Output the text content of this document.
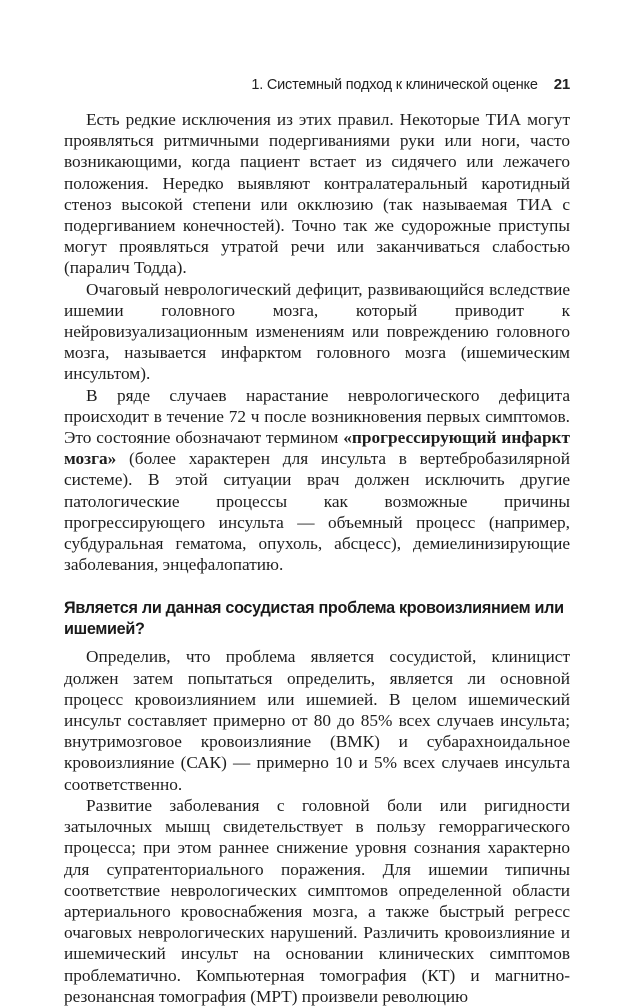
1. Системный подход к клинической оценке 21

Есть редкие исключения из этих правил. Некоторые ТИА могут проявляться ритмичными подергиваниями руки или ноги, часто возникающими, когда пациент встает из сидячего или лежачего положения. Нередко выявляют контралатеральный каротидный стеноз высокой степени или окклюзию (так называемая ТИА с подергиванием конечностей). Точно так же судорожные приступы могут проявляться утратой речи или заканчиваться слабостью (паралич Тодда).

Очаговый неврологический дефицит, развивающийся вследствие ишемии головного мозга, который приводит к нейровизуализационным изменениям или повреждению головного мозга, называется инфарктом головного мозга (ишемическим инсультом).

В ряде случаев нарастание неврологического дефицита происходит в течение 72 ч после возникновения первых симптомов. Это состояние обозначают термином «прогрессирующий инфаркт мозга» (более характерен для инсульта в вертебробазилярной системе). В этой ситуации врач должен исключить другие патологические процессы как возможные причины прогрессирующего инсульта — объемный процесс (например, субдуральная гематома, опухоль, абсцесс), демиелинизирующие заболевания, энцефалопатию.

Является ли данная сосудистая проблема кровоизлиянием или ишемией?

Определив, что проблема является сосудистой, клиницист должен затем попытаться определить, является ли основной процесс кровоизлиянием или ишемией. В целом ишемический инсульт составляет примерно от 80 до 85% всех случаев инсульта; внутримозговое кровоизлияние (ВМК) и субарахноидальное кровоизлияние (САК) — примерно 10 и 5% всех случаев инсульта соответственно.

Развитие заболевания с головной боли или ригидности затылочных мышц свидетельствует в пользу геморрагического процесса; при этом раннее снижение уровня сознания характерно для супратенториального поражения. Для ишемии типичны соответствие неврологических симптомов определенной области артериального кровоснабжения мозга, а также быстрый регресс очаговых неврологических нарушений. Различить кровоизлияние и ишемический инсульт на основании клинических симптомов проблематично. Компьютерная томография (КТ) и магнитно-резонансная томография (МРТ) произвели революцию
